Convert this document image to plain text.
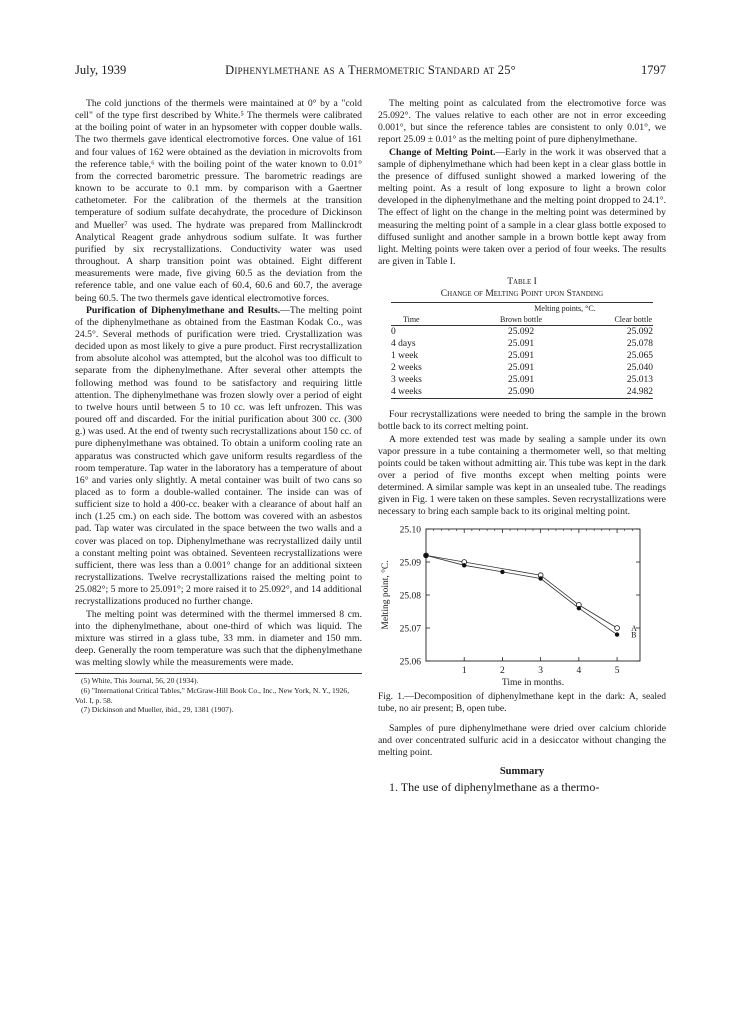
July, 1939	Diphenylmethane as a Thermometric Standard at 25°	1797

The cold junctions of the thermels were maintained at 0° by a "cold cell" of the type first described by White.⁵ The thermels were calibrated at the boiling point of water in an hypsometer with copper double walls. The two thermels gave identical electromotive forces. One value of 161 and four values of 162 were obtained as the deviation in microvolts from the reference table,⁶ with the boiling point of the water known to 0.01° from the corrected barometric pressure. The barometric readings are known to be accurate to 0.1 mm. by comparison with a Gaertner cathetometer. For the calibration of the thermels at the transition temperature of sodium sulfate decahydrate, the procedure of Dickinson and Mueller⁷ was used. The hydrate was prepared from Mallinckrodt Analytical Reagent grade anhydrous sodium sulfate. It was further purified by six recrystallizations. Conductivity water was used throughout. A sharp transition point was obtained. Eight different measurements were made, five giving 60.5 as the deviation from the reference table, and one value each of 60.4, 60.6 and 60.7, the average being 60.5. The two thermels gave identical electromotive forces.

Purification of Diphenylmethane and Results.—The melting point of the diphenylmethane as obtained from the Eastman Kodak Co., was 24.5°. Several methods of purification were tried. Crystallization was decided upon as most likely to give a pure product. First recrystallization from absolute alcohol was attempted, but the alcohol was too difficult to separate from the diphenylmethane. After several other attempts the following method was found to be satisfactory and requiring little attention. The diphenylmethane was frozen slowly over a period of eight to twelve hours until between 5 to 10 cc. was left unfrozen. This was poured off and discarded. For the initial purification about 300 cc. (300 g.) was used. At the end of twenty such recrystallizations about 150 cc. of pure diphenylmethane was obtained. To obtain a uniform cooling rate an apparatus was constructed which gave uniform results regardless of the room temperature. Tap water in the laboratory has a temperature of about 16° and varies only slightly. A metal container was built of two cans so placed as to form a double-walled container. The inside can was of sufficient size to hold a 400-cc. beaker with a clearance of about half an inch (1.25 cm.) on each side. The bottom was covered with an asbestos pad. Tap water was circulated in the space between the two walls and a cover was placed on top. Diphenylmethane was recrystallized daily until a constant melting point was obtained. Seventeen recrystallizations were sufficient, there was less than a 0.001° change for an additional sixteen recrystallizations. Twelve recrystallizations raised the melting point to 25.082°; 5 more to 25.091°; 2 more raised it to 25.092°, and 14 additional recrystallizations produced no further change.

The melting point was determined with the thermel immersed 8 cm. into the diphenylmethane, about one-third of which was liquid. The mixture was stirred in a glass tube, 33 mm. in diameter and 150 mm. deep. Generally the room temperature was such that the diphenylmethane was melting slowly while the measurements were made.

(5) White, This Journal, 56, 20 (1934).
(6) "International Critical Tables," McGraw-Hill Book Co., Inc., New York, N. Y., 1926, Vol. I, p. 58.
(7) Dickinson and Mueller, ibid., 29, 1381 (1907).

The melting point as calculated from the electromotive force was 25.092°. The values relative to each other are not in error exceeding 0.001°, but since the reference tables are consistent to only 0.01°, we report 25.09 ± 0.01° as the melting point of pure diphenylmethane.

Change of Melting Point.—Early in the work it was observed that a sample of diphenylmethane which had been kept in a clear glass bottle in the presence of diffused sunlight showed a marked lowering of the melting point. As a result of long exposure to light a brown color developed in the diphenylmethane and the melting point dropped to 24.1°. The effect of light on the change in the melting point was determined by measuring the melting point of a sample in a clear glass bottle exposed to diffused sunlight and another sample in a brown bottle kept away from light. Melting points were taken over a period of four weeks. The results are given in Table I.

Table I
Change of Melting Point upon Standing

	Melting points, °C.	
Time	Brown bottle	Clear bottle
0	25.092	25.092
4 days	25.091	25.078
1 week	25.091	25.065
2 weeks	25.091	25.040
3 weeks	25.091	25.013
4 weeks	25.090	24.982

Four recrystallizations were needed to bring the sample in the brown bottle back to its correct melting point.

A more extended test was made by sealing a sample under its own vapor pressure in a tube containing a thermometer well, so that melting points could be taken without admitting air. This tube was kept in the dark over a period of five months except when melting points were determined. A similar sample was kept in an unsealed tube. The readings given in Fig. 1 were taken on these samples. Seven recrystallizations were necessary to bring each sample back to its original melting point.

1	2	3	4	5
25.06
25.07
25.08
25.09
25.10
Time in months.
Melting point, °C.	A
B
Fig. 1.—Decomposition of diphenylmethane kept in the dark: A, sealed tube, no air present; B, open tube.

Samples of pure diphenylmethane were dried over calcium chloride and over concentrated sulfuric acid in a desiccator without changing the melting point.

Summary
1. The use of diphenylmethane as a thermo-
